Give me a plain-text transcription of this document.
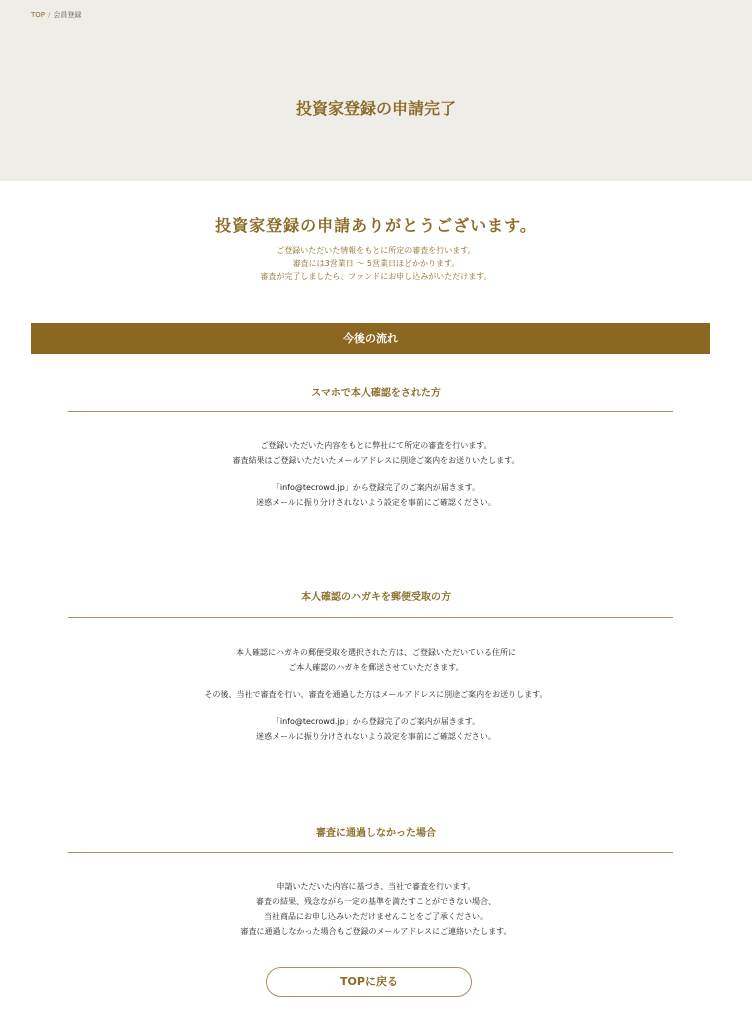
TOP / 会員登録
投資家登録の申請完了
投資家登録の申請ありがとうございます。
ご登録いただいた情報をもとに所定の審査を行います。
審査には3営業日 〜 5営業日ほどかかります。
審査が完了しましたら、ファンドにお申し込みがいただけます。
今後の流れ
スマホで本人確認をされた方
ご登録いただいた内容をもとに弊社にて所定の審査を行います。
審査結果はご登録いただいたメールアドレスに別途ご案内をお送りいたします。
「info@tecrowd.jp」から登録完了のご案内が届きます。
迷惑メールに振り分けされないよう設定を事前にご確認ください。
本人確認のハガキを郵便受取の方
本人確認にハガキの郵便受取を選択された方は、ご登録いただいている住所に
ご本人確認のハガキを郵送させていただきます。
その後、当社で審査を行い、審査を通過した方はメールアドレスに別途ご案内をお送りします。
「info@tecrowd.jp」から登録完了のご案内が届きます。
迷惑メールに振り分けされないよう設定を事前にご確認ください。
審査に通過しなかった場合
申請いただいた内容に基づき、当社で審査を行います。
審査の結果、残念ながら一定の基準を満たすことができない場合、
当社商品にお申し込みいただけませんことをご了承ください。
審査に通過しなかった場合もご登録のメールアドレスにご連絡いたします。
TOPに戻る
